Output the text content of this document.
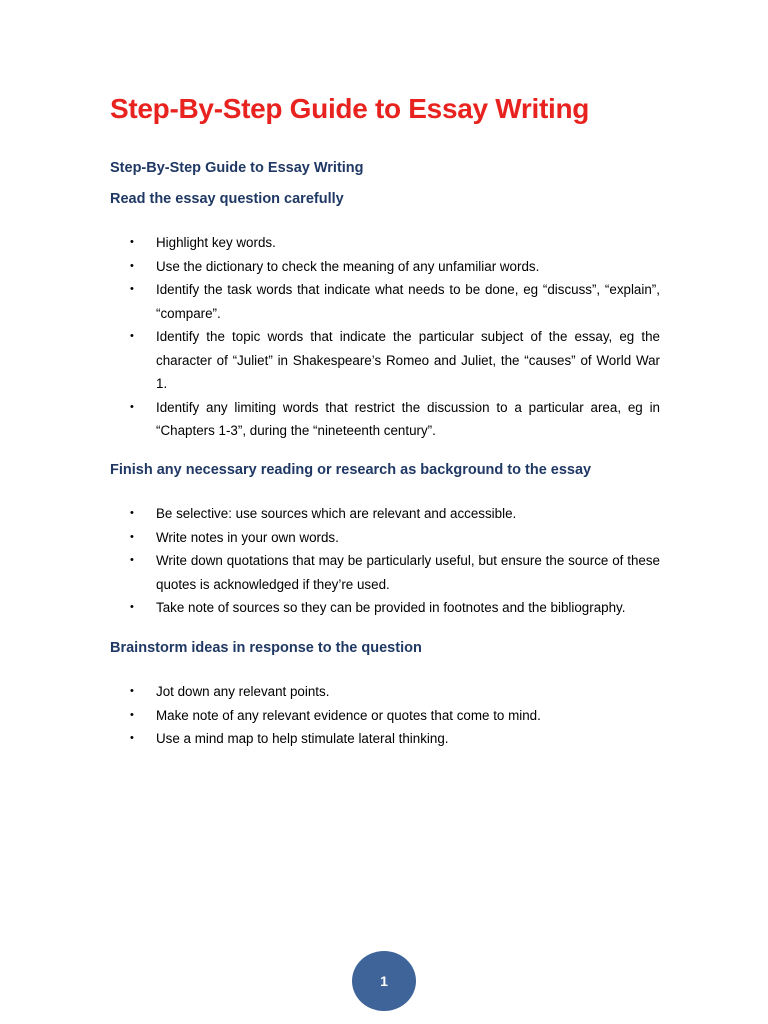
Step-By-Step Guide to Essay Writing
Step-By-Step Guide to Essay Writing
Read the essay question carefully
• Highlight key words.
• Use the dictionary to check the meaning of any unfamiliar words.
• Identify the task words that indicate what needs to be done, eg “discuss”, “explain”, “compare”.
• Identify the topic words that indicate the particular subject of the essay, eg the character of “Juliet” in Shakespeare’s Romeo and Juliet, the “causes” of World War 1.
• Identify any limiting words that restrict the discussion to a particular area, eg in “Chapters 1-3”, during the “nineteenth century”.
Finish any necessary reading or research as background to the essay
• Be selective: use sources which are relevant and accessible.
• Write notes in your own words.
• Write down quotations that may be particularly useful, but ensure the source of these quotes is acknowledged if they’re used.
• Take note of sources so they can be provided in footnotes and the bibliography.
Brainstorm ideas in response to the question
• Jot down any relevant points.
• Make note of any relevant evidence or quotes that come to mind.
• Use a mind map to help stimulate lateral thinking.
1
